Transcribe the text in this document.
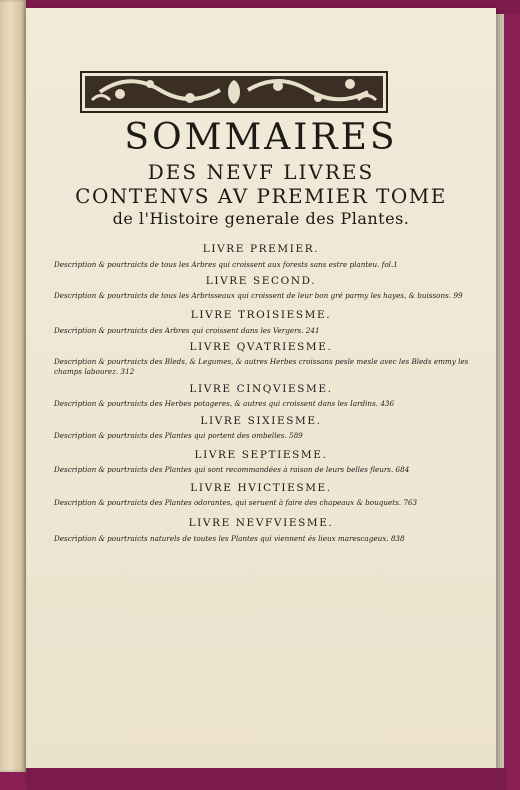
SOMMAIRES
DES NEVF LIVRES
CONTENVS AV PREMIER TOME
de l'Histoire generale des Plantes.
LIVRE PREMIER.
Description & pourtraicts de tous les Arbres qui croissent aux forests sans estre planteu. fol.1
LIVRE SECOND.
Description & pourtraicts de tous les Arbrisseaux qui croissent de leur bon gré parmy les hayes, & buissons. 99
LIVRE TROISIESME.
Description & pourtraicts des Arbres qui croissent dans les Vergers. 241
LIVRE QVATRIESME.
Description & pourtraicts des Bleds, & Legumes, & autres Herbes croissans pesle mesle avec les Bleds emmy les champs labourez. 312
LIVRE CINQVIESME.
Description & pourtraicts des Herbes potageres, & autres qui croissent dans les Iardins. 436
LIVRE SIXIESME.
Description & pourtraicts des Plantes qui portent des ombelles. 589
LIVRE SEPTIESME.
Description & pourtraicts des Plantes qui sont recommandées à raison de leurs belles fleurs. 684
LIVRE HVICTIESME.
Description & pourtraicts des Plantes odorantes, qui seruent à faire des chapeaux & bouquets. 763
LIVRE NEVFVIESME.
Description & pourtraicts naturels de toutes les Plantes qui viennent és lieux marescageux. 838
